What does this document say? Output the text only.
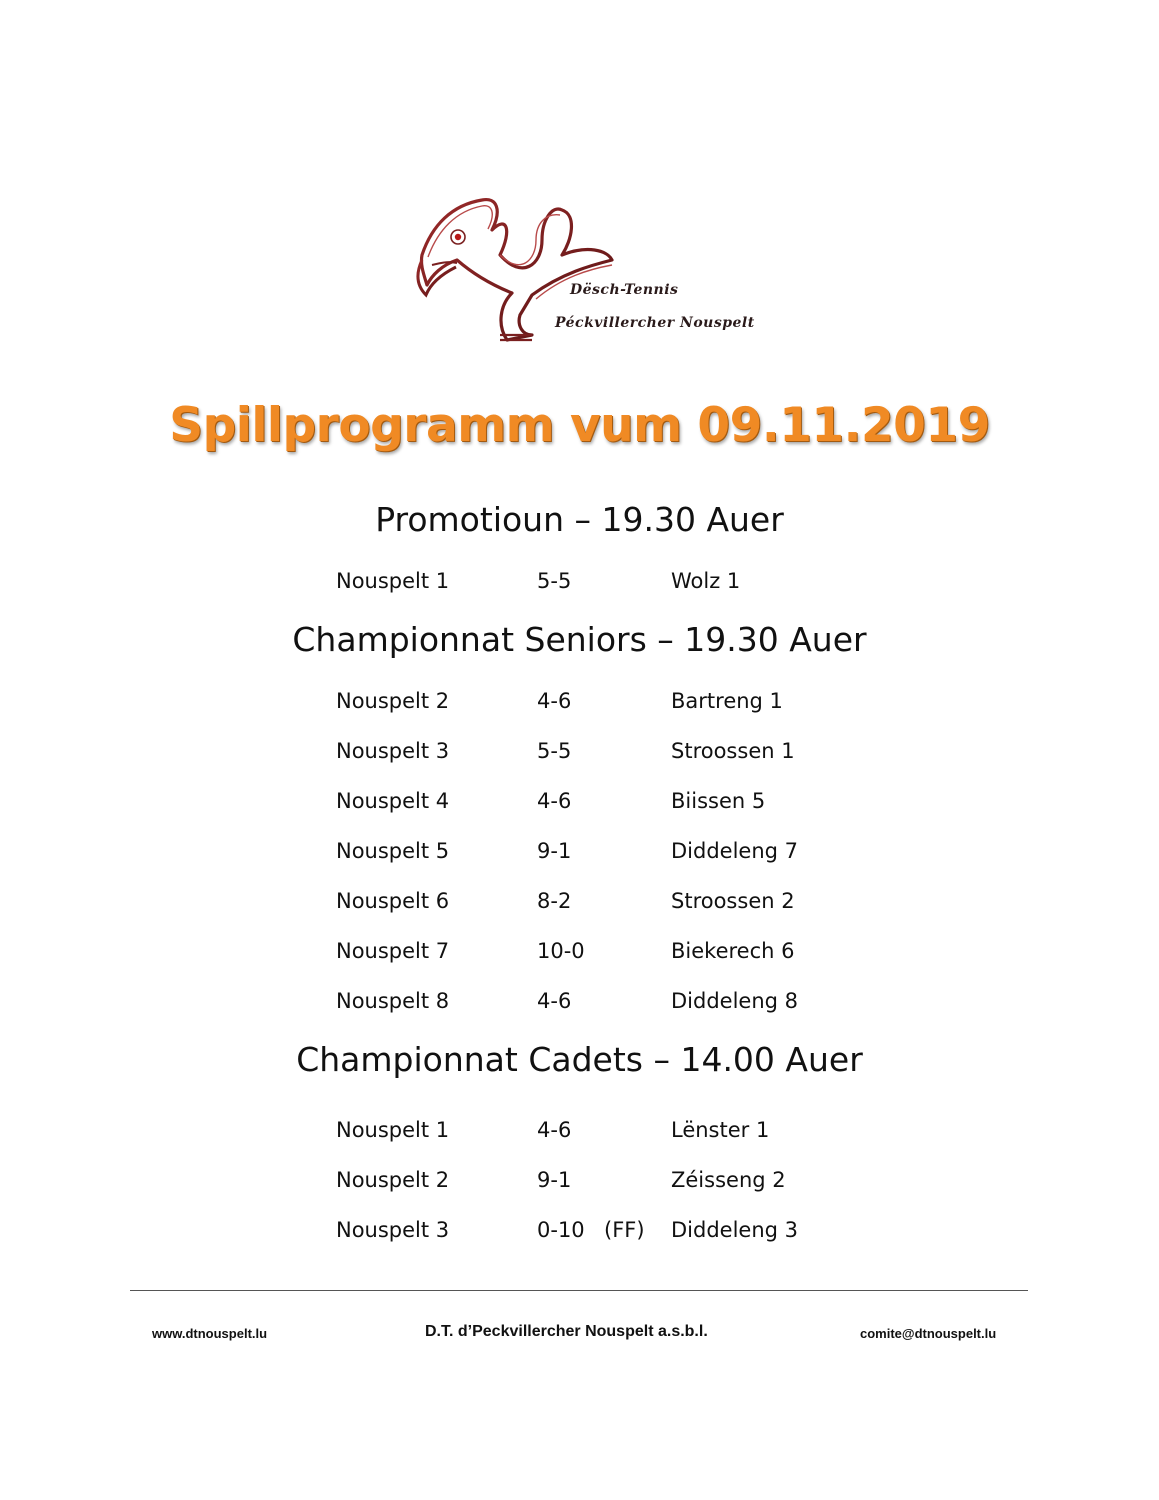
Dësch-Tennis
Péckvillercher Nouspelt
Spillprogramm vum 09.11.2019
Promotioun – 19.30 Auer
Nouspelt 1	5-5	Wolz 1
Championnat Seniors – 19.30 Auer
Nouspelt 2	4-6	Bartreng 1
Nouspelt 3	5-5	Stroossen 1
Nouspelt 4	4-6	Biissen 5
Nouspelt 5	9-1	Diddeleng 7
Nouspelt 6	8-2	Stroossen 2
Nouspelt 7	10-0	Biekerech 6
Nouspelt 8	4-6	Diddeleng 8
Championnat Cadets – 14.00 Auer
Nouspelt 1	4-6	Lënster 1
Nouspelt 2	9-1	Zéisseng 2
Nouspelt 3	0-10 (FF) Diddeleng 3
www.dtnouspelt.lu	D.T. d’Peckvillercher Nouspelt a.s.b.l.	comite@dtnouspelt.lu
